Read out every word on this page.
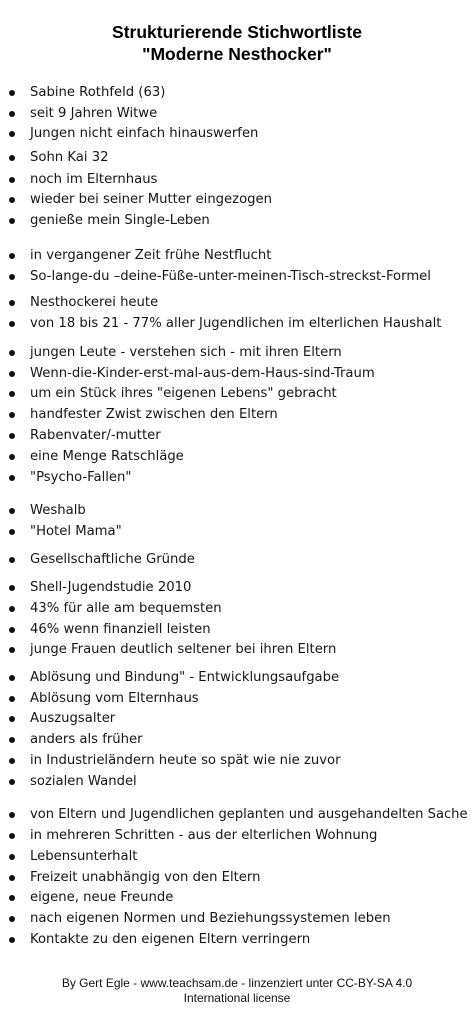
Strukturierende Stichwortliste
"Moderne Nesthocker"
Sabine Rothfeld (63)
seit 9 Jahren Witwe
Jungen nicht einfach hinauswerfen
Sohn Kai 32
noch im Elternhaus
wieder bei seiner Mutter eingezogen
genieße mein Single-Leben
in vergangener Zeit frühe Nestflucht
So-lange-du –deine-Füße-unter-meinen-Tisch-streckst-Formel
Nesthockerei heute
von 18 bis 21 - 77% aller Jugendlichen im elterlichen Haushalt
jungen Leute - verstehen sich - mit ihren Eltern
Wenn-die-Kinder-erst-mal-aus-dem-Haus-sind-Traum
um ein Stück ihres "eigenen Lebens" gebracht
handfester Zwist zwischen den Eltern
Rabenvater/-mutter
eine Menge Ratschläge
"Psycho-Fallen"
Weshalb
"Hotel Mama"
Gesellschaftliche Gründe
Shell-Jugendstudie 2010
43% für alle am bequemsten
46% wenn finanziell leisten
junge Frauen deutlich seltener bei ihren Eltern
Ablösung und Bindung" - Entwicklungsaufgabe
Ablösung vom Elternhaus
Auszugsalter
anders als früher
in Industrieländern heute so spät wie nie zuvor
sozialen Wandel
von Eltern und Jugendlichen geplanten und ausgehandelten Sache
in mehreren Schritten - aus der elterlichen Wohnung
Lebensunterhalt
Freizeit unabhängig von den Eltern
eigene, neue Freunde
nach eigenen Normen und Beziehungssystemen leben
Kontakte zu den eigenen Eltern verringern
By Gert Egle - www.teachsam.de - linzenziert unter CC-BY-SA 4.0
International license
